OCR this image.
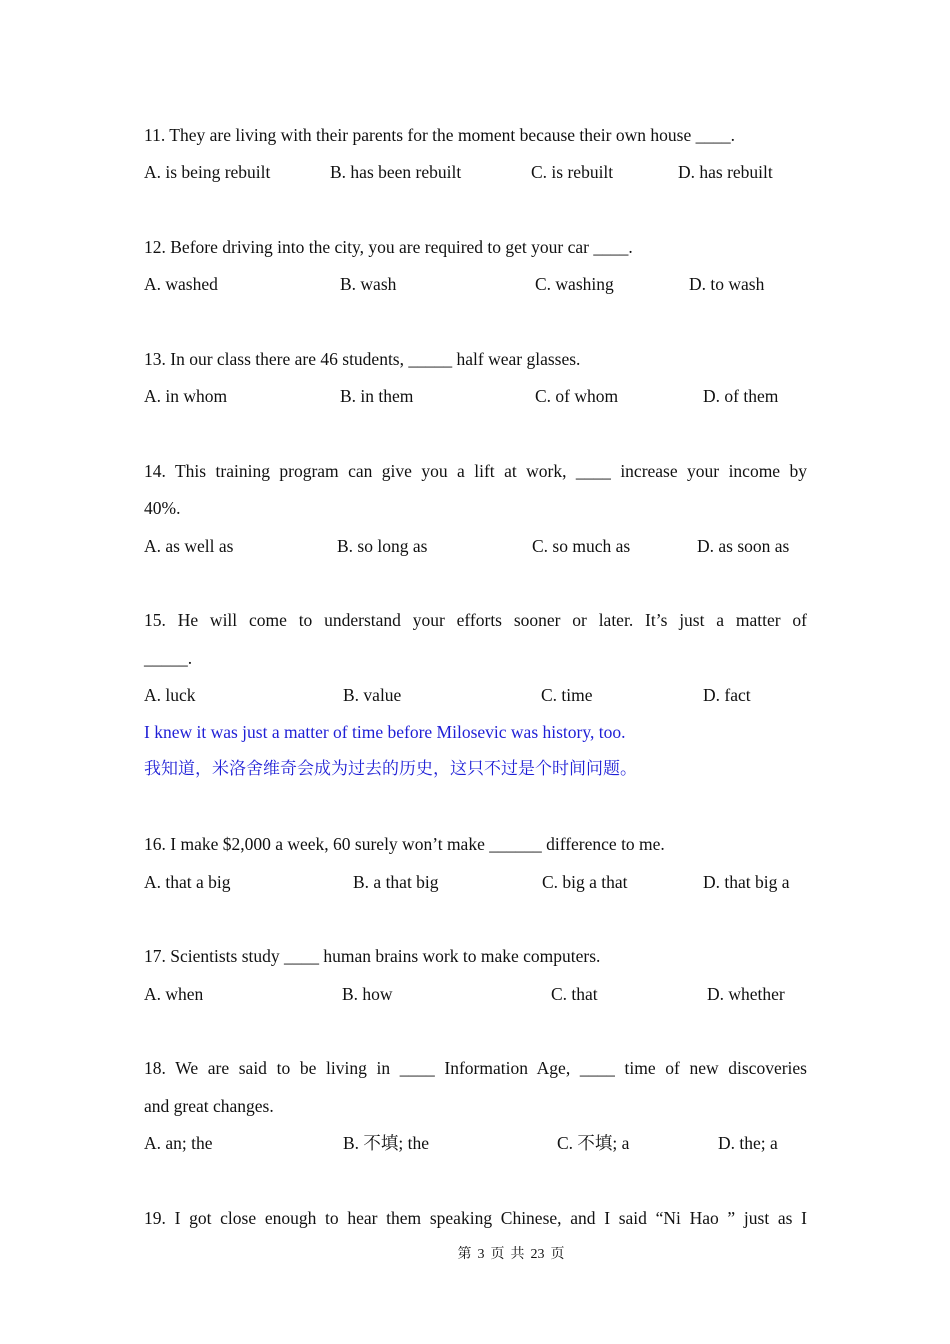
11. They are living with their parents for the moment because their own house ____.
A. is being rebuilt	B. has been rebuilt	C. is rebuilt	D. has rebuilt
12. Before driving into the city, you are required to get your car ____.
A. washed	B. wash	C. washing	D. to wash
13. In our class there are 46 students, _____ half wear glasses.
A. in whom	B. in them	C. of whom	D. of them
14. This training program can give you a lift at work, ____ increase your income by
40%.
A. as well as	B. so long as	C. so much as	D. as soon as
15. He will come to understand your efforts sooner or later. It’s just a matter of
_____.
A. luck	B. value	C. time	D. fact
I knew it was just a matter of time before Milosevic was history, too.
我知道，米洛舍维奇会成为过去的历史，这只不过是个时间问题。
16. I make $2,000 a week, 60 surely won’t make ______ difference to me.
A. that a big	B. a that big	C. big a that	D. that big a
17. Scientists study ____ human brains work to make computers.
A. when	B. how	C. that	D. whether
18. We are said to be living in ____ Information Age, ____ time of new discoveries
and great changes.
A. an; the	B. 不填; the	C. 不填; a	D. the; a
19. I got close enough to hear them speaking Chinese, and I said “Ni Hao ” just as I
第 3 页 共 23 页
